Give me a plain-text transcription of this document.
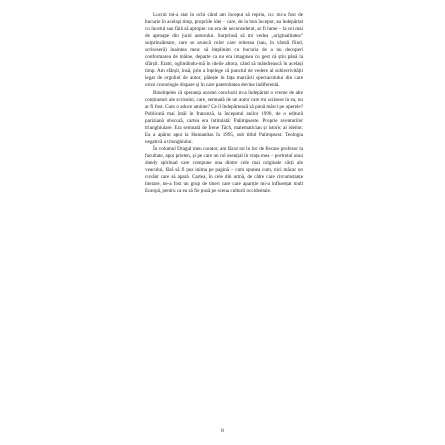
Lucrul mi-a stat în ochi când am început să repriu, cu: mi-a fost de bucurie în acelaşi timp, propriile idei – care, de la bun început, au îndepărtat cu încetul sau fără să apropie: nu era de neconsiderat, ar fi lume – la cei mai de aproape din jurul autorului. Surprinsă să mi vedea „originalitatea” surprinzătoare, care se aruncă celor care reiterau (sau, în vârstă fiind, scriseseră) înaintea mea: să împlinim cu bucuria de a nu decoperi conformarea de mâine, departe ca nu era imaginea cu gest că știu până la sfârșit. Eram, oglindindu-mă în ideile altora, când să mândrească în același timp. Am sfârșit, însă, prin a înțelege că punctul de vedere al subiectivității legat de orgoliul de autor, pălește în fața marcării spectacolului din care orice cronologie dispare și în care paternitatea devine indiferentă.

Bineînțeles că speranța acestei concluzii m-a îndepărtat o vreme de alte conținuturi ale scrisului, care, semnată de un autor care mi scrisese în ea, nu ar fi fost. Cum o aduce aminte? Ce îl îndepărtează să pună mărci pe operele? Publicată mai întâi în franceză, la începutul anilor 1990, de o editură pariziană obscură, cartea era întitulată: Palimpseste. Proprie aventurilor triunghiulare. Era semnată de Irene Tâch, matematician și istoric al ideilor. Ea a apărut apoi la Humanitas în 1995, sub titlul Palimpsest. Teologia negativă a triunghiului.

În volumul Dragul meu curator, am făcut tot în loc de fiecare profesor la facultate, apoi prieten, și pe care un rol esențial în viața mea – portretul unui dandy spiritual care compune una dintre cele mai originale cărți ale veacului, fără să fi pus inima pe pagină – cum spunea cum, nici măcar un cuvânt care să apară. Cartea, în cele din urmă, de către care circumstanțe literare, ne-a fost un grup de tineri care care apariție mi-a influențat mult Europă, pentru ca ea să fie pusă pe scena culturii occidentale.

8
